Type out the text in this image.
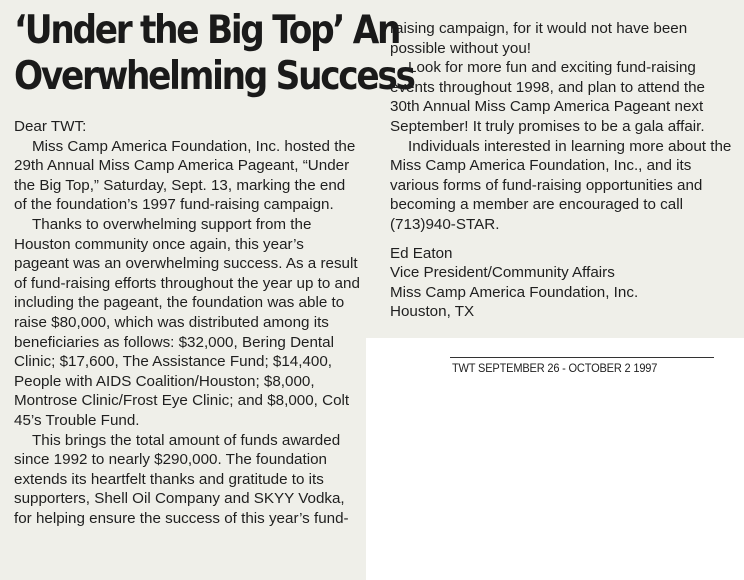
‘Under the Big Top’ An
Overwhelming Success

Dear TWT:

Miss Camp America Foundation, Inc. hosted the 29th Annual Miss Camp America Pageant, “Under the Big Top,” Saturday, Sept. 13, marking the end of the foundation’s 1997 fund-raising campaign.

Thanks to overwhelming support from the Houston community once again, this year’s pageant was an overwhelming success. As a result of fund-raising efforts throughout the year up to and including the pageant, the foundation was able to raise $80,000, which was distributed among its beneficiaries as follows: $32,000, Bering Dental Clinic; $17,600, The Assistance Fund; $14,400, People with AIDS Coalition/Houston; $8,000, Montrose Clinic/Frost Eye Clinic; and $8,000, Colt 45’s Trouble Fund.

This brings the total amount of funds awarded since 1992 to nearly $290,000. The foundation extends its heartfelt thanks and gratitude to its supporters, Shell Oil Company and SKYY Vodka, for helping ensure the success of this year’s fund-

raising campaign, for it would not have been possible without you!

Look for more fun and exciting fund-raising events throughout 1998, and plan to attend the 30th Annual Miss Camp America Pageant next September! It truly promises to be a gala affair.

Individuals interested in learning more about the Miss Camp America Foundation, Inc., and its various forms of fund-raising opportunities and becoming a member are encouraged to call (713)940-STAR.

Ed Eaton

Vice President/Community Affairs

Miss Camp America Foundation, Inc.

Houston, TX

TWT SEPTEMBER 26 - OCTOBER 2 1997
